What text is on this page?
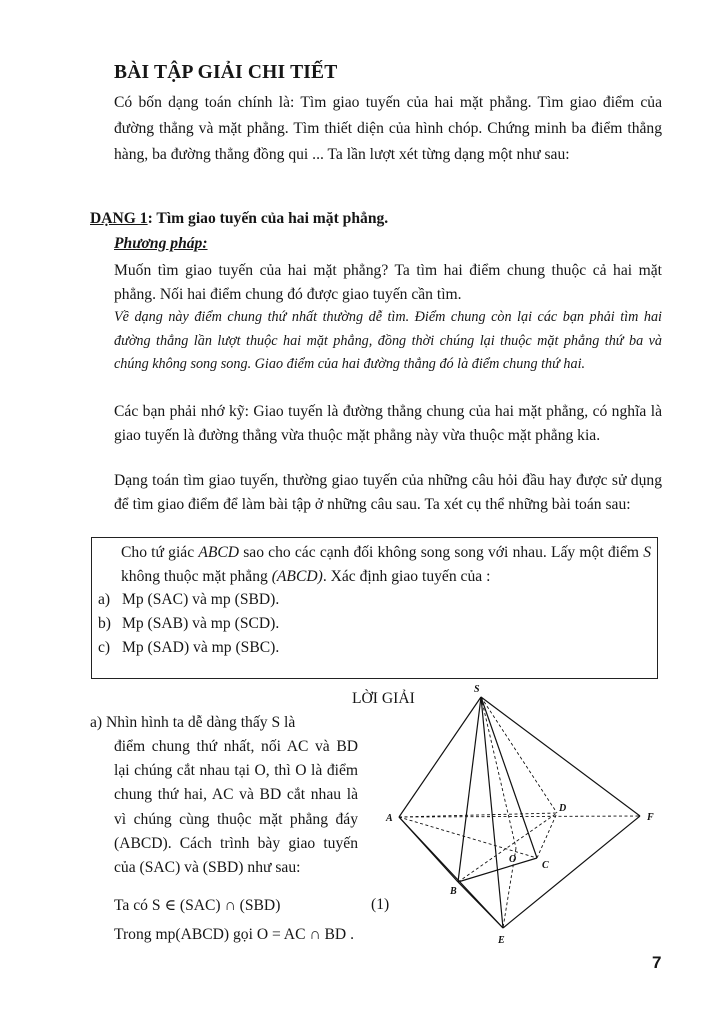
BÀI TẬP GIẢI CHI TIẾT
Có bốn dạng toán chính là: Tìm giao tuyến của hai mặt phẳng. Tìm giao điểm của đường thẳng và mặt phẳng. Tìm thiết diện của hình chóp. Chứng minh ba điểm thẳng hàng, ba đường thẳng đồng qui ... Ta lần lượt xét từng dạng một như sau:
DẠNG 1: Tìm giao tuyến của hai mặt phẳng.
Phương pháp:
Muốn tìm giao tuyến của hai mặt phẳng? Ta tìm hai điểm chung thuộc cả hai mặt phẳng. Nối hai điểm chung đó được giao tuyến cần tìm.
Về dạng này điểm chung thứ nhất thường dễ tìm. Điểm chung còn lại các bạn phải tìm hai đường thẳng lần lượt thuộc hai mặt phẳng, đồng thời chúng lại thuộc mặt phẳng thứ ba và chúng không song song. Giao điểm của hai đường thẳng đó là điểm chung thứ hai.
Các bạn phải nhớ kỹ: Giao tuyến là đường thẳng chung của hai mặt phẳng, có nghĩa là giao tuyến là đường thẳng vừa thuộc mặt phẳng này vừa thuộc mặt phẳng kia.
Dạng toán tìm giao tuyến, thường giao tuyến của những câu hỏi đầu hay được sử dụng để tìm giao điểm để làm bài tập ở những câu sau. Ta xét cụ thể những bài toán sau:
Cho tứ giác ABCD sao cho các cạnh đối không song song với nhau. Lấy một điểm S không thuộc mặt phẳng (ABCD). Xác định giao tuyến của :
a) Mp (SAC) và mp (SBD).
b) Mp (SAB) và mp (SCD).
c) Mp (SAD) và mp (SBC).
LỜI GIẢI
a) Nhìn hình ta dễ dàng thấy S là
điểm chung thứ nhất, nối AC và BD lại chúng cắt nhau tại O, thì O là điểm chung thứ hai, AC và BD cắt nhau là vì chúng cùng thuộc mặt phẳng đáy (ABCD). Cách trình bày giao tuyến của (SAC) và (SBD) như sau:
Ta có S ∈ (SAC) ∩ (SBD)	(1)
Trong mp(ABCD) gọi O = AC ∩ BD .
S
A
B
C
D
E
F
O
7
